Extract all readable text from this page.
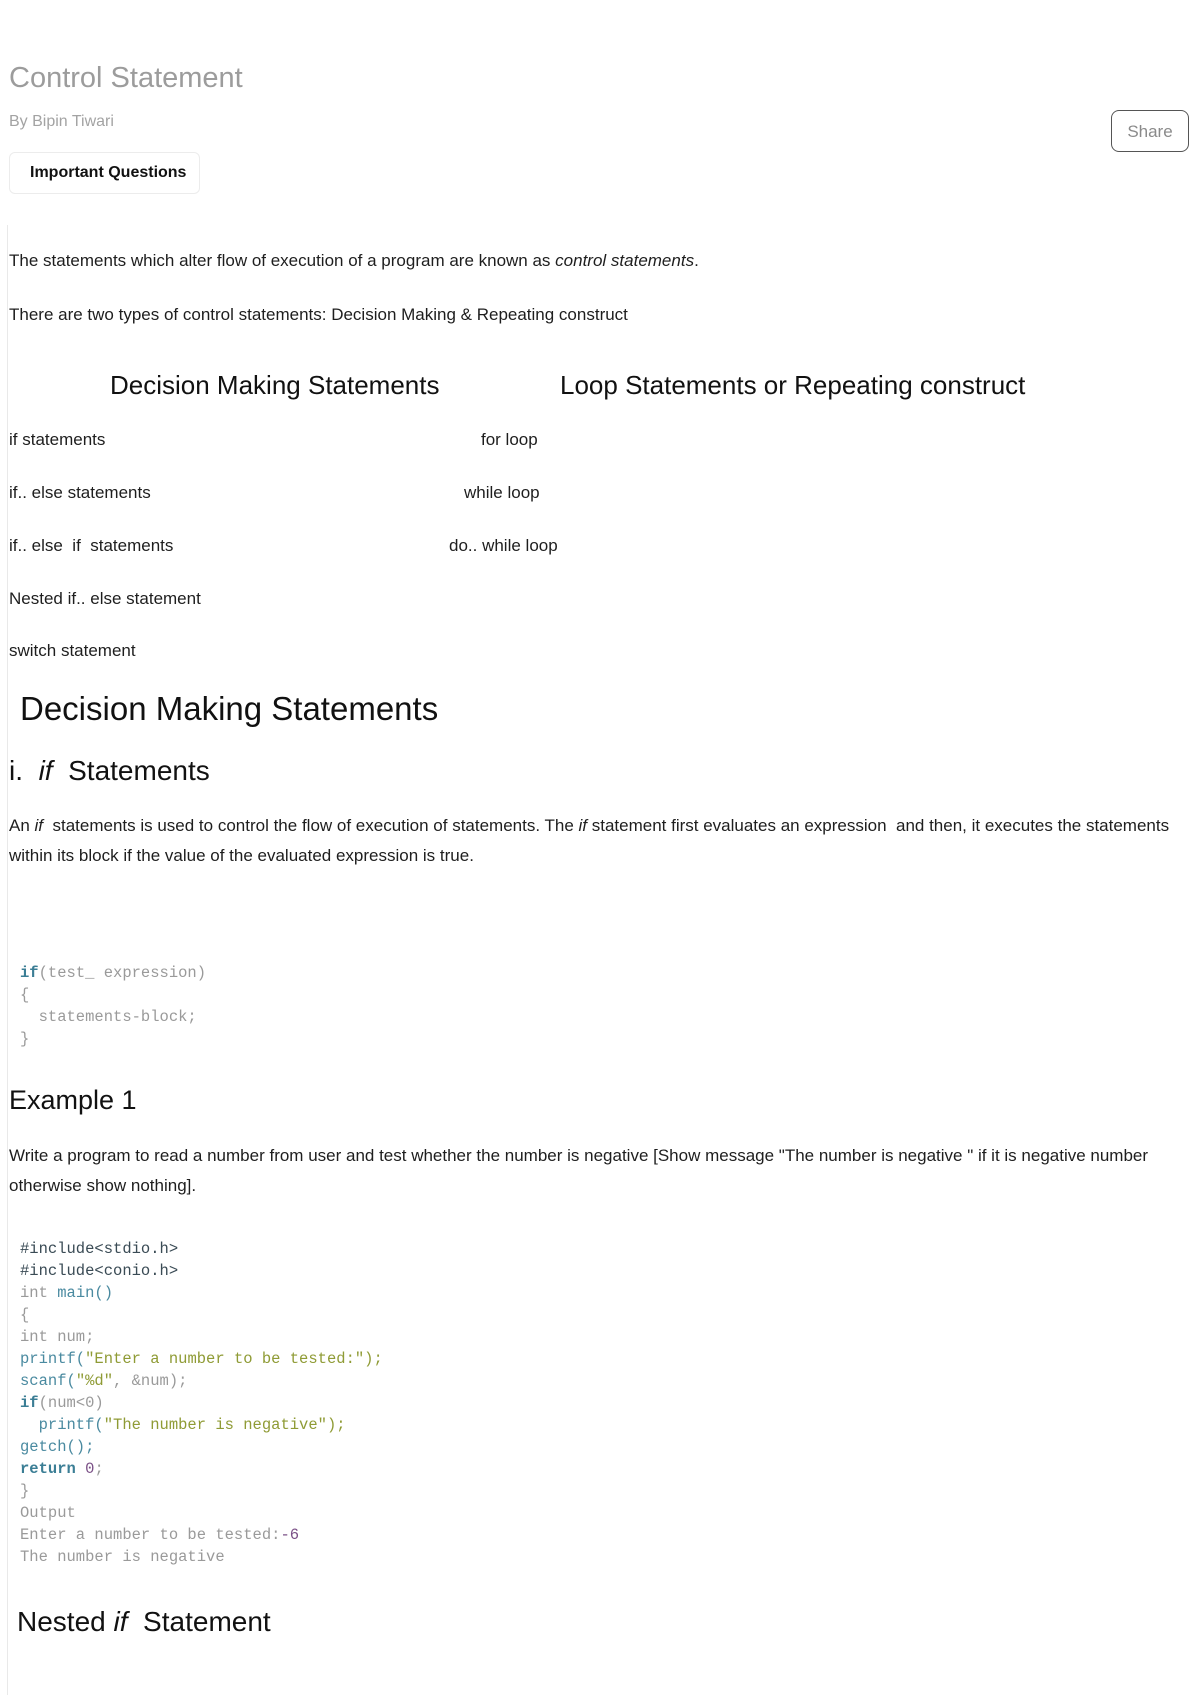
Control Statement
By Bipin Tiwari
Important Questions
Share

The statements which alter flow of execution of a program are known as control statements.

There are two types of control statements: Decision Making & Repeating construct

Decision Making Statements	Loop Statements or Repeating construct
if statements	for loop
if.. else statements	while loop
if.. else  if  statements	do.. while loop
Nested if.. else statement
switch statement
Decision Making Statements
i.  if  Statements

An if  statements is used to control the flow of execution of statements. The if statement first evaluates an expression  and then, it executes the statements within its block if the value of the evaluated expression is true.

if(test_ expression)
{
statements-block;
}
Example 1

Write a program to read a number from user and test whether the number is negative [Show message "The number is negative " if it is negative number otherwise show nothing].

#include<stdio.h>
#include<conio.h>
int main()
{
int num;
printf("Enter a number to be tested:");
scanf("%d", &num);
if(num<0)
printf("The number is negative");
getch();
return 0;
}
Output
Enter a number to be tested:-6
The number is negative
Nested if  Statement
